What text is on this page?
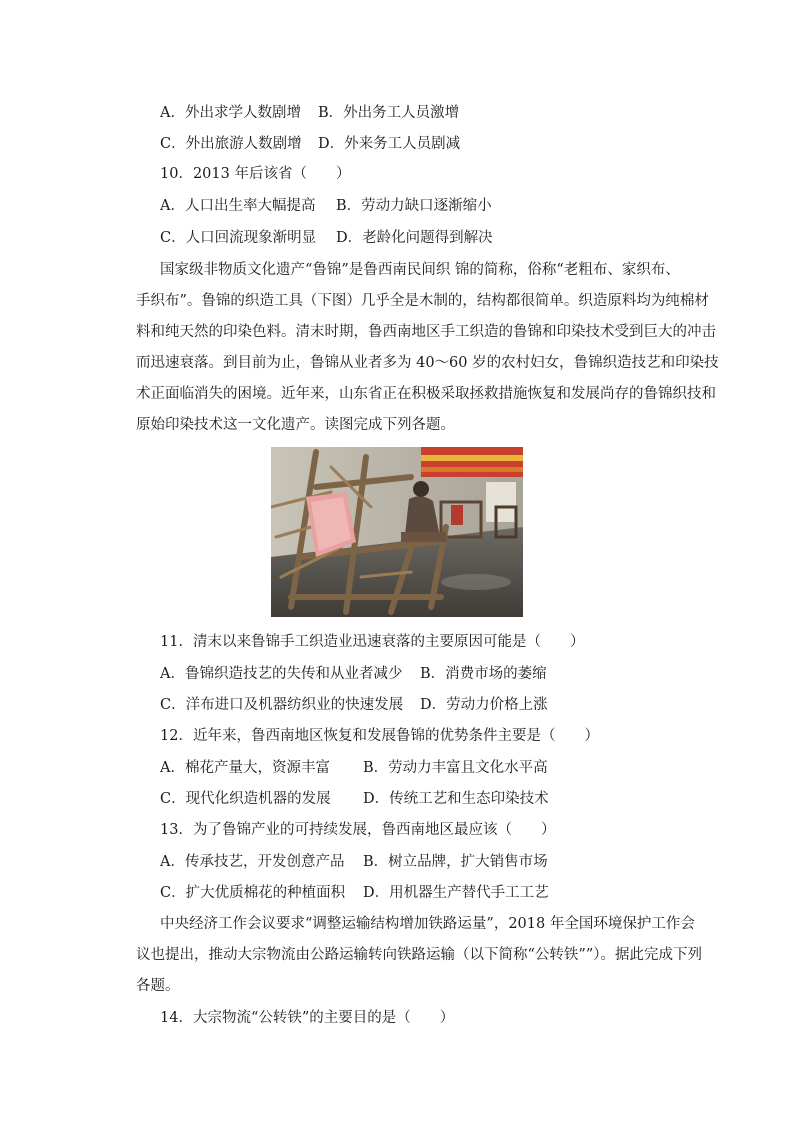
A．外出求学人数剧增 B．外出务工人员激增
C．外出旅游人数剧增 D．外来务工人员剧减
10．2013 年后该省（　　）
A．人口出生率大幅提高 B．劳动力缺口逐渐缩小
C．人口回流现象渐明显 D．老龄化问题得到解决
国家级非物质文化遗产“鲁锦”是鲁西南民间织 锦的简称，俗称“老粗布、家织布、
手织布”。鲁锦的织造工具（下图）几乎全是木制的，结构都很简单。织造原料均为纯棉材
料和纯天然的印染色料。清末时期，鲁西南地区手工织造的鲁锦和印染技术受到巨大的冲击
而迅速衰落。到目前为止，鲁锦从业者多为 40～60 岁的农村妇女，鲁锦织造技艺和印染技
术正面临消失的困境。近年来，山东省正在积极采取拯救措施恢复和发展尚存的鲁锦织技和
原始印染技术这一文化遗产。读图完成下列各题。
11．清末以来鲁锦手工织造业迅速衰落的主要原因可能是（　　）
A．鲁锦织造技艺的失传和从业者减少 B．消费市场的萎缩
C．洋布进口及机器纺织业的快速发展 D．劳动力价格上涨
12．近年来，鲁西南地区恢复和发展鲁锦的优势条件主要是（　　）
A．棉花产量大，资源丰富 B．劳动力丰富且文化水平高
C．现代化织造机器的发展 D．传统工艺和生态印染技术
13．为了鲁锦产业的可持续发展，鲁西南地区最应该（　　）
A．传承技艺，开发创意产品 B．树立品牌，扩大销售市场
C．扩大优质棉花的种植面积 D．用机器生产替代手工工艺
中央经济工作会议要求“调整运输结构增加铁路运量”，2018 年全国环境保护工作会
议也提出，推动大宗物流由公路运输转向铁路运输（以下简称“公转铁””）。据此完成下列
各题。
14．大宗物流“公转铁”的主要目的是（　　）
